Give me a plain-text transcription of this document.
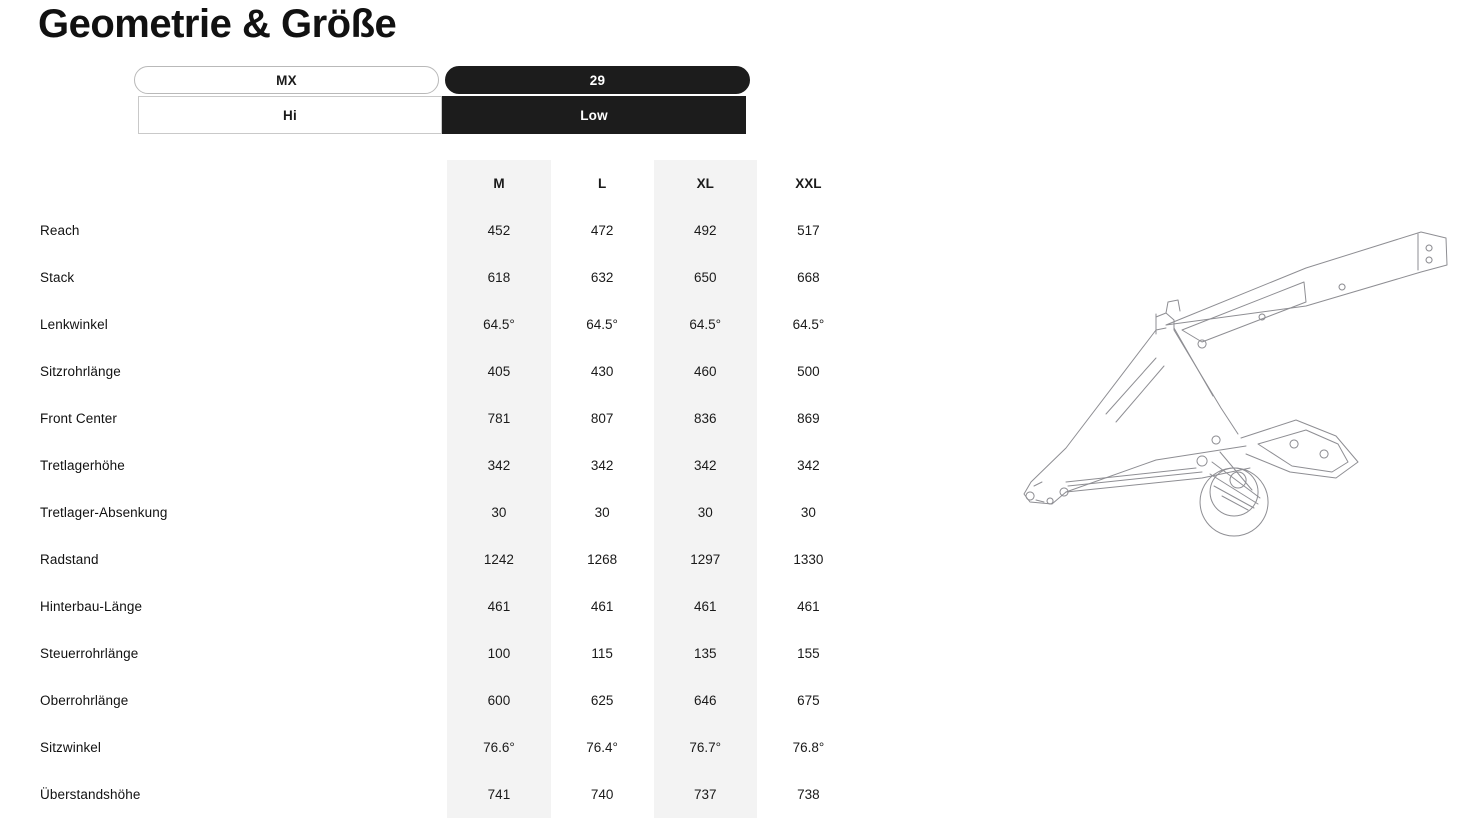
Geometrie & Größe
MX	29
Hi	Low
	M	L	XL	XXL
Reach	452	472	492	517
Stack	618	632	650	668
Lenkwinkel	64.5°	64.5°	64.5°	64.5°
Sitzrohrlänge	405	430	460	500
Front Center	781	807	836	869
Tretlagerhöhe	342	342	342	342
Tretlager-Absenkung	30	30	30	30
Radstand	1242	1268	1297	1330
Hinterbau-Länge	461	461	461	461
Steuerrohrlänge	100	115	135	155
Oberrohrlänge	600	625	646	675
Sitzwinkel	76.6°	76.4°	76.7°	76.8°
Überstandshöhe	741	740	737	738
